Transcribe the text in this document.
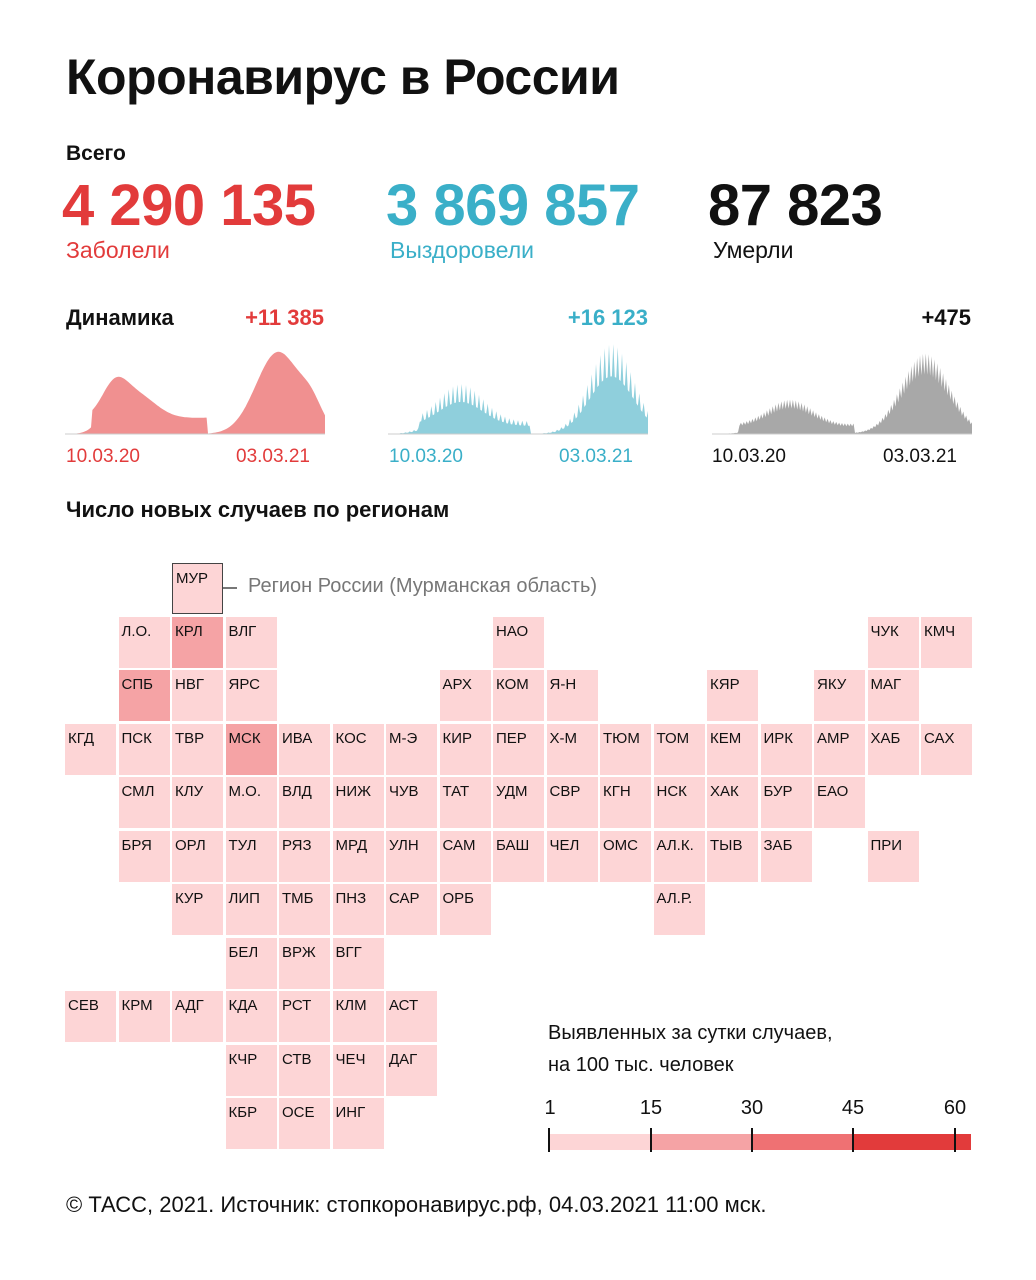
Коронавирус в России
Всего
4 290 135
Заболели
3 869 857
Выздоровели
87 823
Умерли
Динамика	+11 385	+16 123	+475
10.03.20	03.03.21	10.03.20	03.03.21	10.03.20	03.03.21
Число новых случаев по регионам
МУР
Л.О.	КРЛ	ВЛГ	НАО	ЧУК	КМЧ
СПБ	НВГ	ЯРС	АРХ	КОМ	Я-Н	КЯР	ЯКУ	МАГ
КГД	ПСК	ТВР	МСК	ИВА	КОС	М-Э	КИР	ПЕР	Х-М	ТЮМ	ТОМ	КЕМ	ИРК	АМР	ХАБ	САХ
СМЛ	КЛУ	М.О.	ВЛД	НИЖ	ЧУВ	ТАТ	УДМ	СВР	КГН	НСК	ХАК	БУР	ЕАО
БРЯ	ОРЛ	ТУЛ	РЯЗ	МРД	УЛН	САМ	БАШ	ЧЕЛ	ОМС	АЛ.К.	ТЫВ	ЗАБ	ПРИ
КУР	ЛИП	ТМБ	ПНЗ	САР	ОРБ	АЛ.Р.
БЕЛ	ВРЖ	ВГГ
СЕВ	КРМ	АДГ	КДА	РСТ	КЛМ	АСТ
КЧР	СТВ	ЧЕЧ	ДАГ
КБР	ОСЕ	ИНГ
Регион России (Мурманская область)
Выявленных за сутки случаев,
на 100 тыс. человек
1	15	30	45	60
© ТАСС, 2021. Источник: стопкоронавирус.рф, 04.03.2021 11:00 мск.
